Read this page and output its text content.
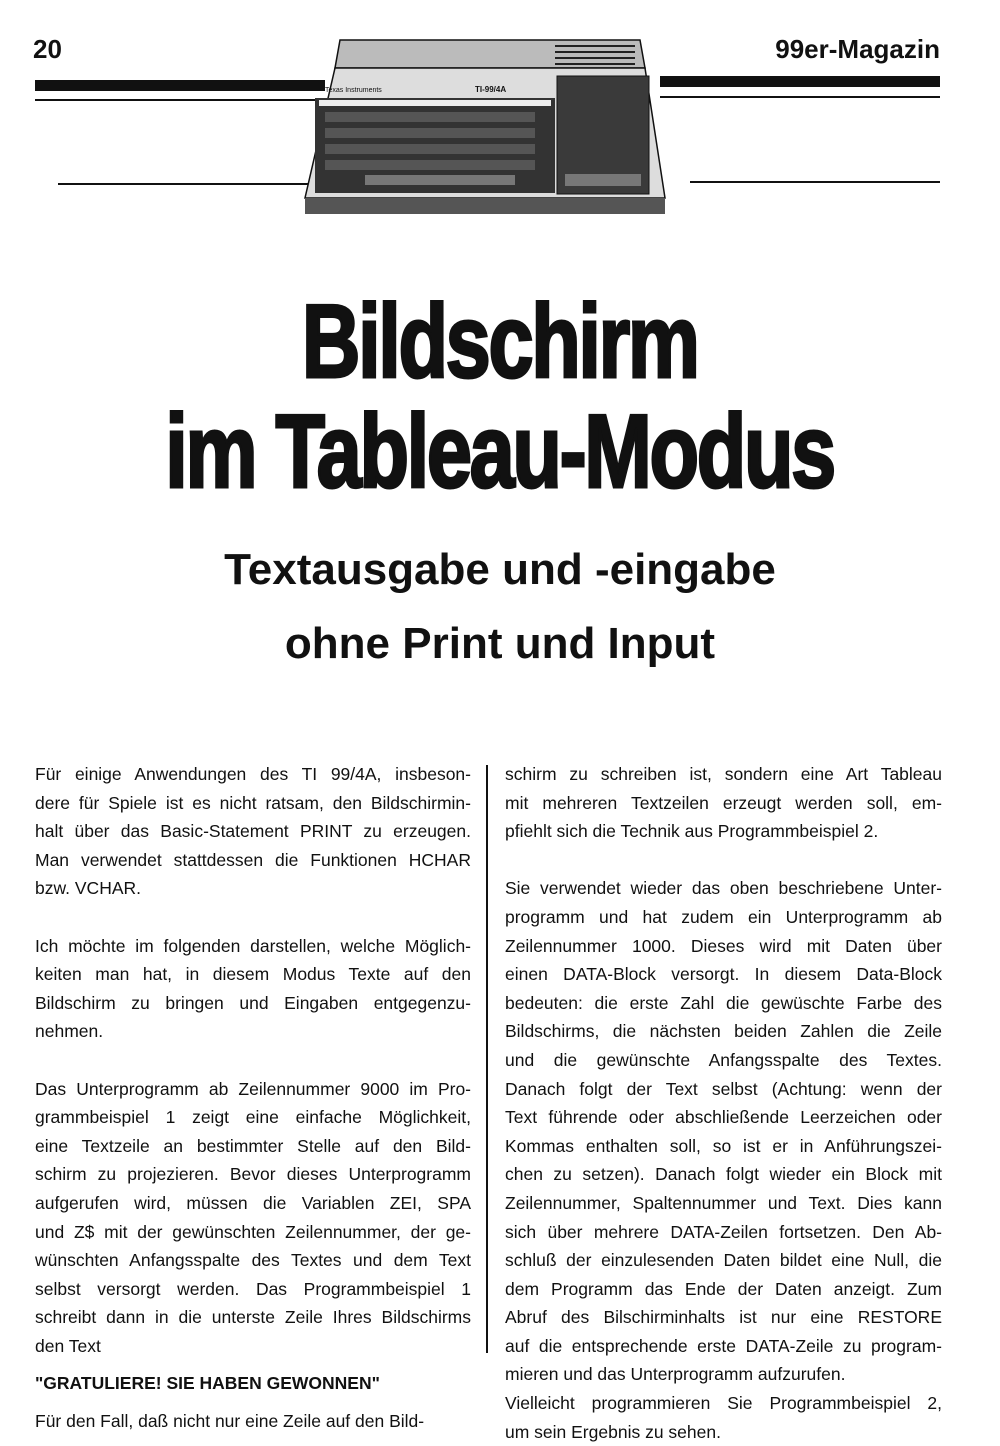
20	99er-Magazin
Texas Instruments	TI-99/4A
Bildschirm
im Tableau-Modus
Textausgabe und -eingabe
ohne Print und Input
Für einige Anwendungen des TI 99/4A, insbeson-
dere für Spiele ist es nicht ratsam, den Bildschirmin-
halt über das Basic-Statement PRINT zu erzeugen.
Man verwendet stattdessen die Funktionen HCHAR
bzw. VCHAR.
Ich möchte im folgenden darstellen, welche Möglich-
keiten man hat, in diesem Modus Texte auf den
Bildschirm zu bringen und Eingaben entgegenzu-
nehmen.
Das Unterprogramm ab Zeilennummer 9000 im Pro-
grammbeispiel 1 zeigt eine einfache Möglichkeit,
eine Textzeile an bestimmter Stelle auf den Bild-
schirm zu projezieren. Bevor dieses Unterprogramm
aufgerufen wird, müssen die Variablen ZEI, SPA
und Z$ mit der gewünschten Zeilennummer, der ge-
wünschten Anfangsspalte des Textes und dem Text
selbst versorgt werden. Das Programmbeispiel 1
schreibt dann in die unterste Zeile Ihres Bildschirms
den Text
"GRATULIERE! SIE HABEN GEWONNEN"
Für den Fall, daß nicht nur eine Zeile auf den Bild-
schirm zu schreiben ist, sondern eine Art Tableau
mit mehreren Textzeilen erzeugt werden soll, em-
pfiehlt sich die Technik aus Programmbeispiel 2.
Sie verwendet wieder das oben beschriebene Unter-
programm und hat zudem ein Unterprogramm ab
Zeilennummer 1000. Dieses wird mit Daten über
einen DATA-Block versorgt. In diesem Data-Block
bedeuten: die erste Zahl die gewüschte Farbe des
Bildschirms, die nächsten beiden Zahlen die Zeile
und die gewünschte Anfangsspalte des Textes.
Danach folgt der Text selbst (Achtung: wenn der
Text führende oder abschließende Leerzeichen oder
Kommas enthalten soll, so ist er in Anführungszei-
chen zu setzen). Danach folgt wieder ein Block mit
Zeilennummer, Spaltennummer und Text. Dies kann
sich über mehrere DATA-Zeilen fortsetzen. Den Ab-
schluß der einzulesenden Daten bildet eine Null, die
dem Programm das Ende der Daten anzeigt. Zum
Abruf des Bilschirminhalts ist nur eine RESTORE
auf die entsprechende erste DATA-Zeile zu program-
mieren und das Unterprogramm aufzurufen.
Vielleicht programmieren Sie Programmbeispiel 2,
um sein Ergebnis zu sehen.
